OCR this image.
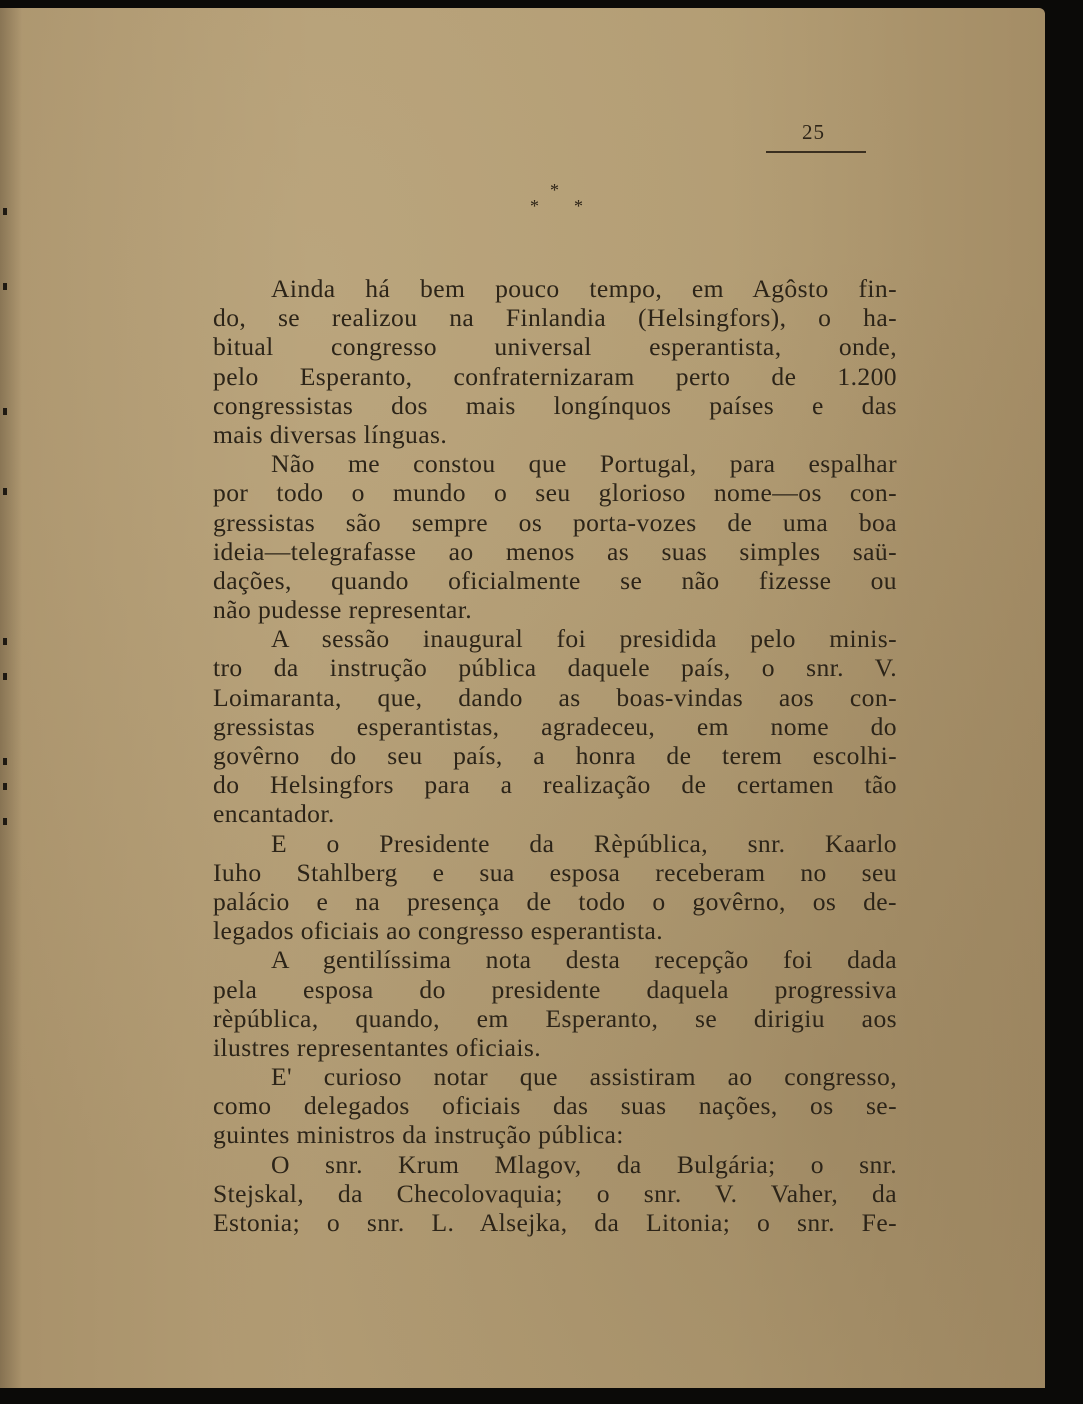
25
*
* *
Ainda há bem pouco tempo, em Agôsto fin-
do, se realizou na Finlandia (Helsingfors), o ha-
bitual congresso universal esperantista, onde,
pelo Esperanto, confraternizaram perto de 1.200
congressistas dos mais longínquos países e das
mais diversas línguas.
Não me constou que Portugal, para espalhar
por todo o mundo o seu glorioso nome—os con-
gressistas são sempre os porta-vozes de uma boa
ideia—telegrafasse ao menos as suas simples saü-
dações, quando oficialmente se não fizesse ou
não pudesse representar.
A sessão inaugural foi presidida pelo minis-
tro da instrução pública daquele país, o snr. V.
Loimaranta, que, dando as boas-vindas aos con-
gressistas esperantistas, agradeceu, em nome do
govêrno do seu país, a honra de terem escolhi-
do Helsingfors para a realização de certamen tão
encantador.
E o Presidente da Rèpública, snr. Kaarlo
Iuho Stahlberg e sua esposa receberam no seu
palácio e na presença de todo o govêrno, os de-
legados oficiais ao congresso esperantista.
A gentilíssima nota desta recepção foi dada
pela esposa do presidente daquela progressiva
rèpública, quando, em Esperanto, se dirigiu aos
ilustres representantes oficiais.
E' curioso notar que assistiram ao congresso,
como delegados oficiais das suas nações, os se-
guintes ministros da instrução pública:
O snr. Krum Mlagov, da Bulgária; o snr.
Stejskal, da Checolovaquia; o snr. V. Vaher, da
Estonia; o snr. L. Alsejka, da Litonia; o snr. Fe-
